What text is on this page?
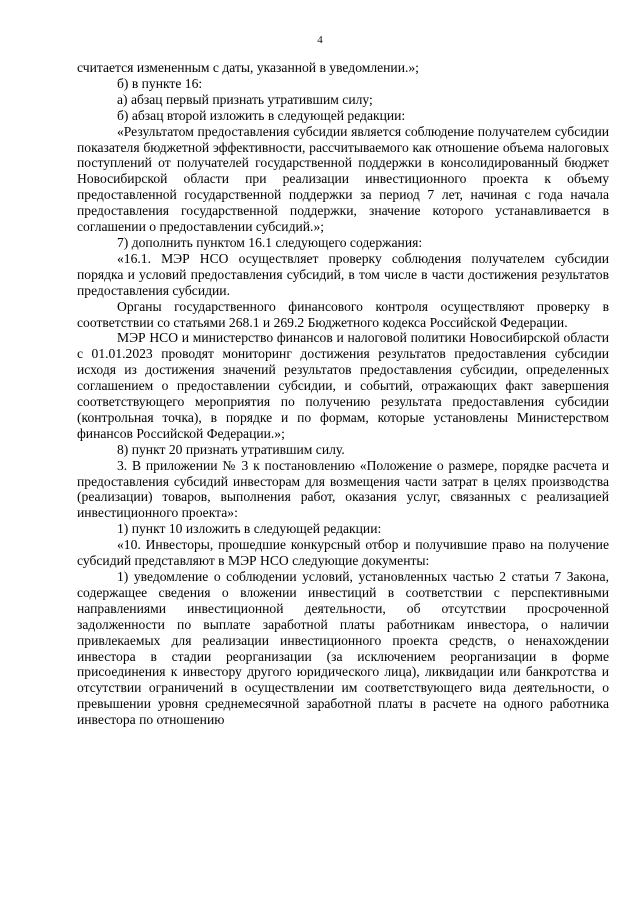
4

считается измененным с даты, указанной в уведомлении.»;

б) в пункте 16:

а) абзац первый признать утратившим силу;

б) абзац второй изложить в следующей редакции:

«Результатом предоставления субсидии является соблюдение получателем субсидии показателя бюджетной эффективности, рассчитываемого как отношение объема налоговых поступлений от получателей государственной поддержки в консолидированный бюджет Новосибирской области при реализации инвестиционного проекта к объему предоставленной государственной поддержки за период 7 лет, начиная с года начала предоставления государственной поддержки, значение которого устанавливается в соглашении о предоставлении субсидий.»;

7) дополнить пунктом 16.1 следующего содержания:

«16.1. МЭР НСО осуществляет проверку соблюдения получателем субсидии порядка и условий предоставления субсидий, в том числе в части достижения результатов предоставления субсидии.

Органы государственного финансового контроля осуществляют проверку в соответствии со статьями 268.1 и 269.2 Бюджетного кодекса Российской Федерации.

МЭР НСО и министерство финансов и налоговой политики Новосибирской области с 01.01.2023 проводят мониторинг достижения результатов предоставления субсидии исходя из достижения значений результатов предоставления субсидии, определенных соглашением о предоставлении субсидии, и событий, отражающих факт завершения соответствующего мероприятия по получению результата предоставления субсидии (контрольная точка), в порядке и по формам, которые установлены Министерством финансов Российской Федерации.»;

8) пункт 20 признать утратившим силу.

3. В приложении № 3 к постановлению «Положение о размере, порядке расчета и предоставления субсидий инвесторам для возмещения части затрат в целях производства (реализации) товаров, выполнения работ, оказания услуг, связанных с реализацией инвестиционного проекта»:

1) пункт 10 изложить в следующей редакции:

«10. Инвесторы, прошедшие конкурсный отбор и получившие право на получение субсидий представляют в МЭР НСО следующие документы:

1) уведомление о соблюдении условий, установленных частью 2 статьи 7 Закона, содержащее сведения о вложении инвестиций в соответствии с перспективными направлениями инвестиционной деятельности, об отсутствии просроченной задолженности по выплате заработной платы работникам инвестора, о наличии привлекаемых для реализации инвестиционного проекта средств, о ненахождении инвестора в стадии реорганизации (за исключением реорганизации в форме присоединения к инвестору другого юридического лица), ликвидации или банкротства и отсутствии ограничений в осуществлении им соответствующего вида деятельности, о превышении уровня среднемесячной заработной платы в расчете на одного работника инвестора по отношению
